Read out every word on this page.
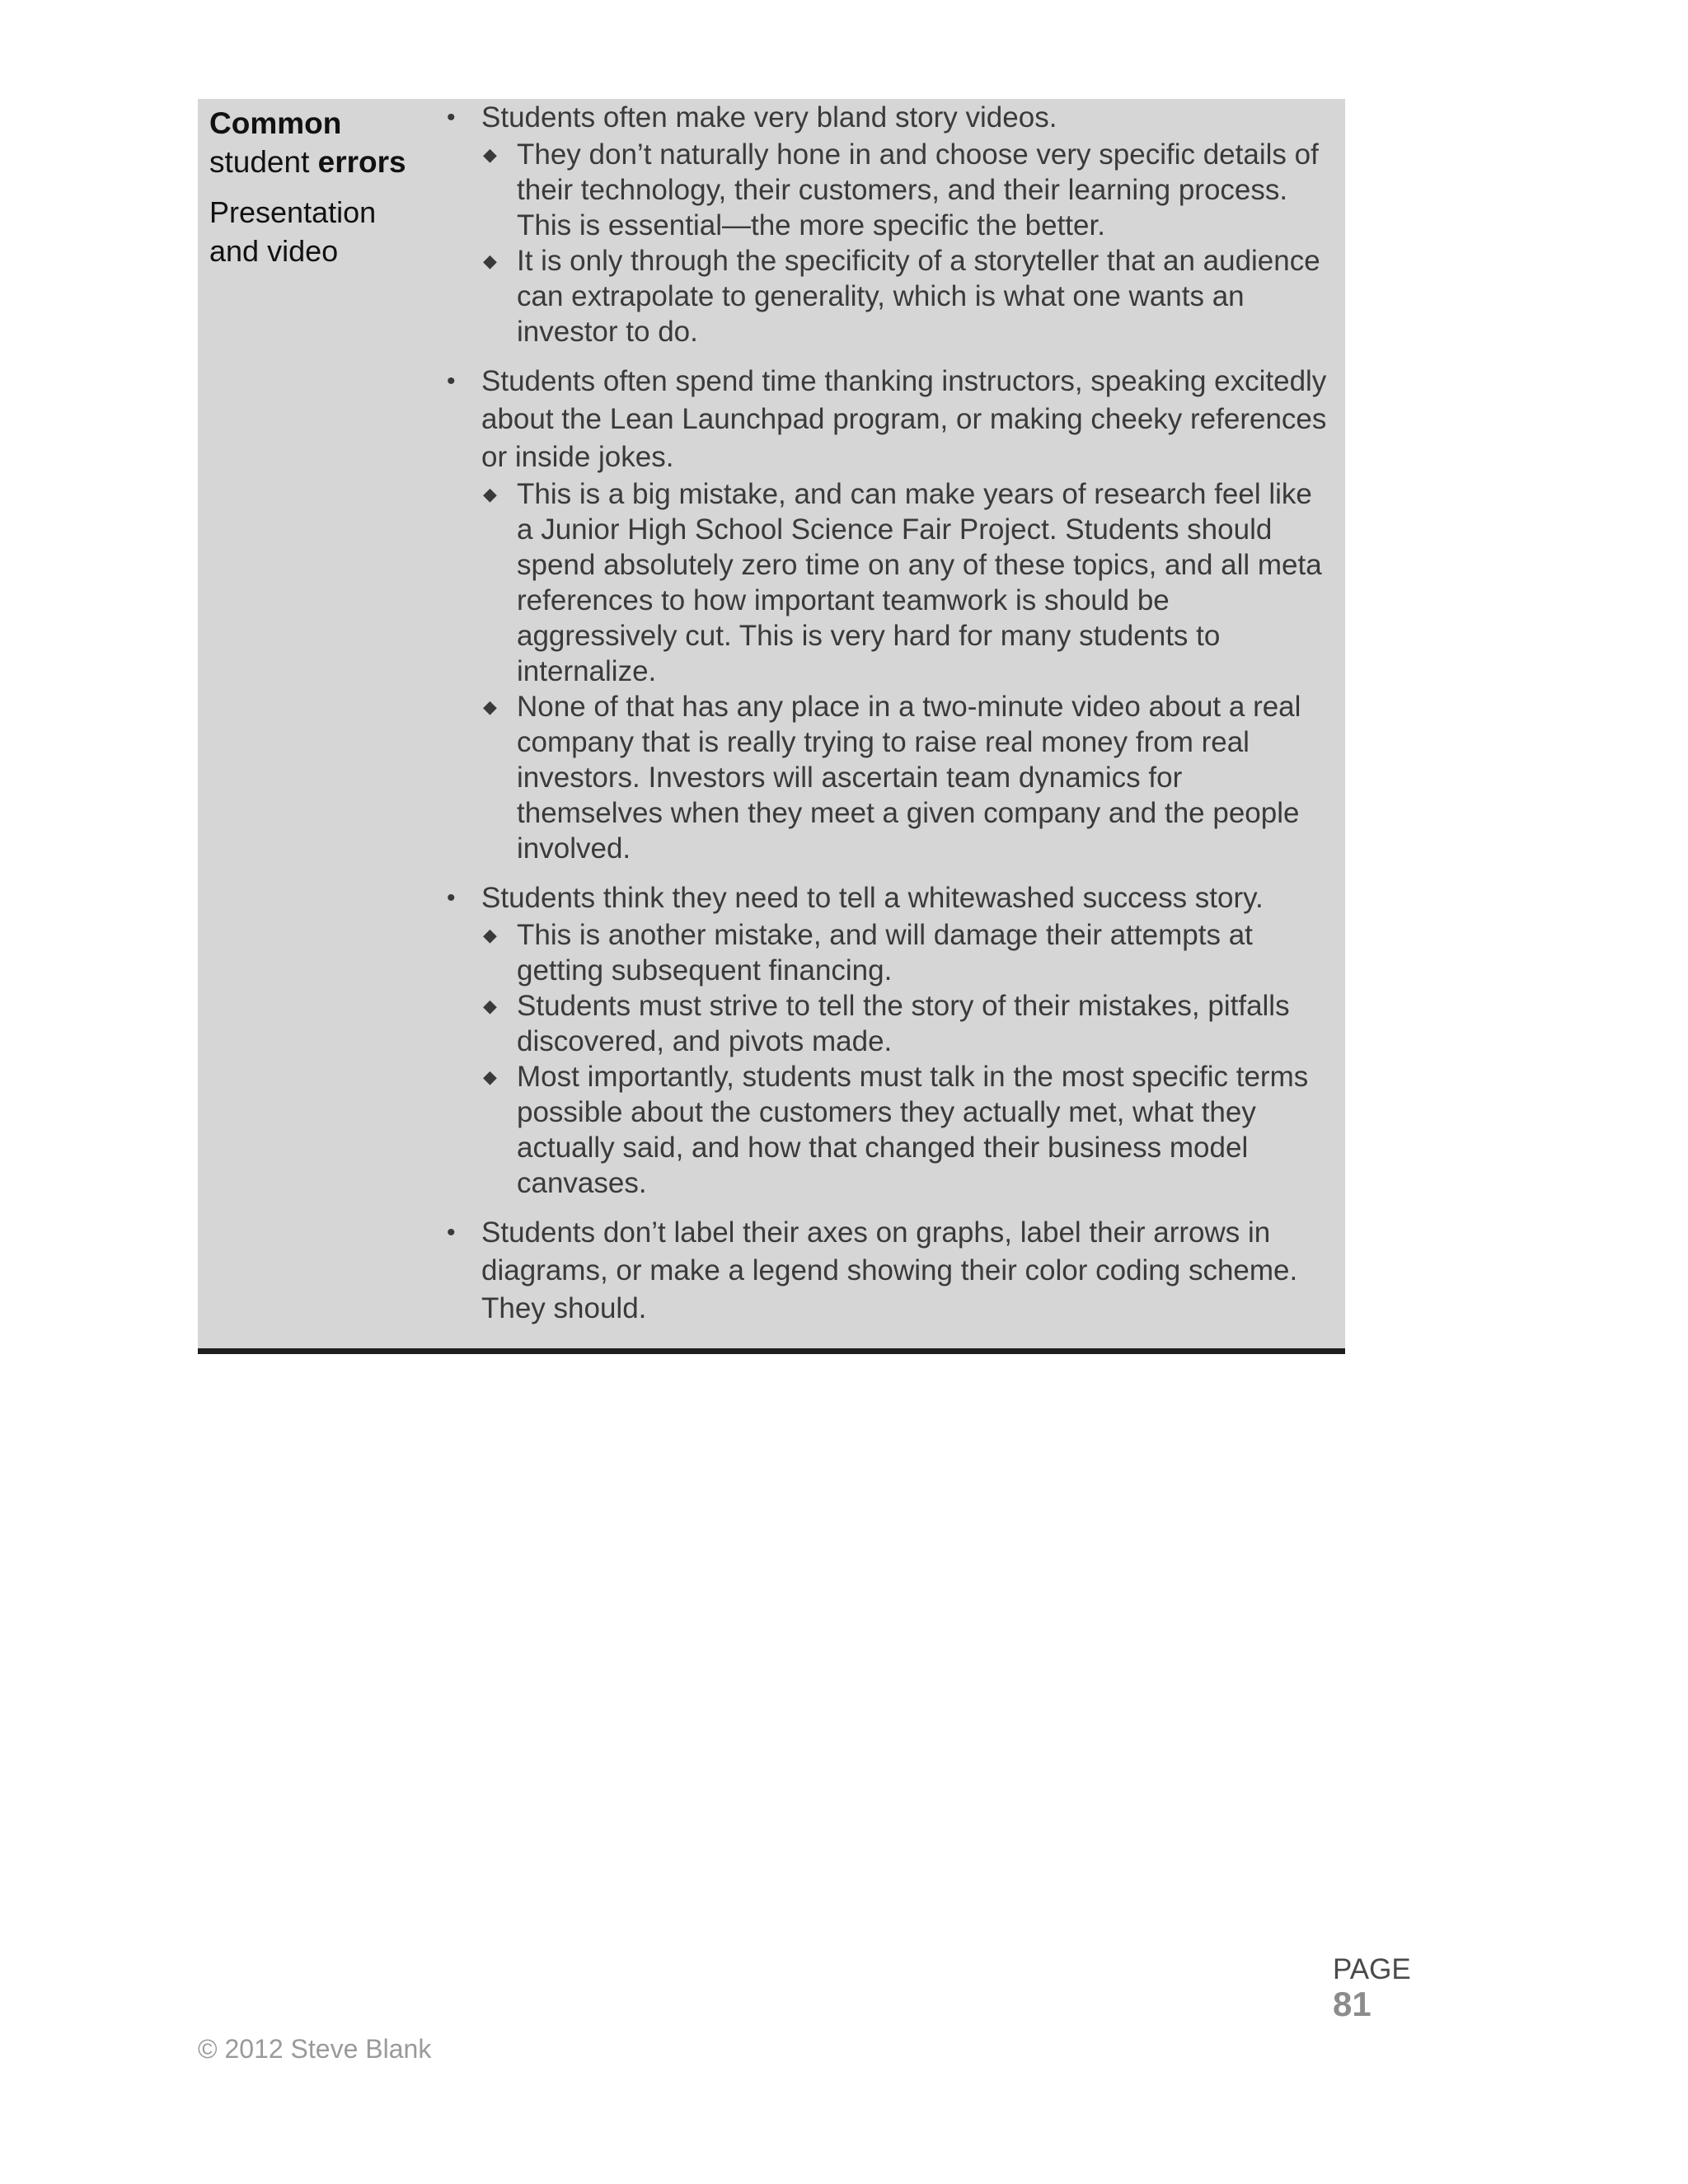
Common
student errors

Presentation and video

• Students often make very bland story videos.
◆ They don’t naturally hone in and choose very specific details of their technology, their customers, and their learning process. This is essential—the more specific the better.
◆ It is only through the specificity of a storyteller that an audience can extrapolate to generality, which is what one wants an investor to do.
• Students often spend time thanking instructors, speaking excitedly about the Lean Launchpad program, or making cheeky references or inside jokes.
◆ This is a big mistake, and can make years of research feel like a Junior High School Science Fair Project. Students should spend absolutely zero time on any of these topics, and all meta references to how important teamwork is should be aggressively cut. This is very hard for many students to internalize.
◆ None of that has any place in a two-minute video about a real company that is really trying to raise real money from real investors. Investors will ascertain team dynamics for themselves when they meet a given company and the people involved.
• Students think they need to tell a whitewashed success story.
◆ This is another mistake, and will damage their attempts at getting subsequent financing.
◆ Students must strive to tell the story of their mistakes, pitfalls discovered, and pivots made.
◆ Most importantly, students must talk in the most specific terms possible about the customers they actually met, what they actually said, and how that changed their business model canvases.
• Students don’t label their axes on graphs, label their arrows in diagrams, or make a legend showing their color coding scheme. They should.
PAGE
81
© 2012 Steve Blank
